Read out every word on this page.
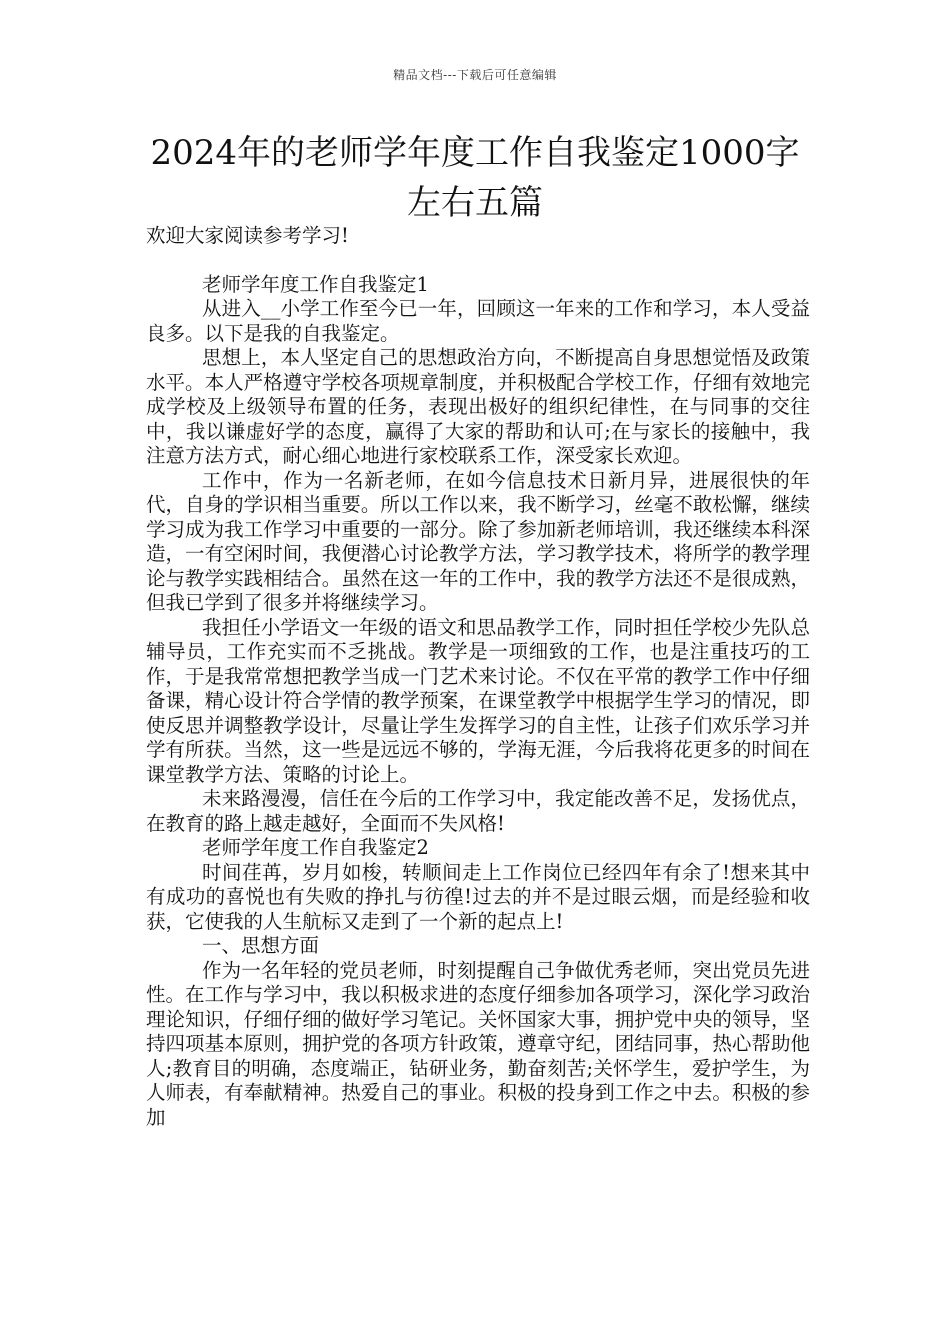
精品文档---下载后可任意编辑
2024年的老师学年度工作自我鉴定1000字左右五篇

欢迎大家阅读参考学习!

老师学年度工作自我鉴定1

从进入__小学工作至今已一年，回顾这一年来的工作和学习，本人受益良多。以下是我的自我鉴定。

思想上，本人坚定自己的思想政治方向，不断提高自身思想觉悟及政策水平。本人严格遵守学校各项规章制度，并积极配合学校工作，仔细有效地完成学校及上级领导布置的任务，表现出极好的组织纪律性，在与同事的交往中，我以谦虚好学的态度，赢得了大家的帮助和认可;在与家长的接触中，我注意方法方式，耐心细心地进行家校联系工作，深受家长欢迎。

工作中，作为一名新老师，在如今信息技术日新月异，进展很快的年代，自身的学识相当重要。所以工作以来，我不断学习，丝毫不敢松懈，继续学习成为我工作学习中重要的一部分。除了参加新老师培训，我还继续本科深造，一有空闲时间，我便潜心讨论教学方法，学习教学技术，将所学的教学理论与教学实践相结合。虽然在这一年的工作中，我的教学方法还不是很成熟，但我已学到了很多并将继续学习。

我担任小学语文一年级的语文和思品教学工作，同时担任学校少先队总辅导员，工作充实而不乏挑战。教学是一项细致的工作，也是注重技巧的工作，于是我常常想把教学当成一门艺术来讨论。不仅在平常的教学工作中仔细备课，精心设计符合学情的教学预案，在课堂教学中根据学生学习的情况，即使反思并调整教学设计，尽量让学生发挥学习的自主性，让孩子们欢乐学习并学有所获。当然，这一些是远远不够的，学海无涯，今后我将花更多的时间在课堂教学方法、策略的讨论上。

未来路漫漫，信任在今后的工作学习中，我定能改善不足，发扬优点，在教育的路上越走越好，全面而不失风格!

老师学年度工作自我鉴定2

时间荏苒，岁月如梭，转顺间走上工作岗位已经四年有余了!想来其中有成功的喜悦也有失败的挣扎与彷徨!过去的并不是过眼云烟，而是经验和收获，它使我的人生航标又走到了一个新的起点上!

一、思想方面

作为一名年轻的党员老师，时刻提醒自己争做优秀老师，突出党员先进性。在工作与学习中，我以积极求进的态度仔细参加各项学习，深化学习政治理论知识，仔细仔细的做好学习笔记。关怀国家大事，拥护党中央的领导，坚持四项基本原则，拥护党的各项方针政策，遵章守纪，团结同事，热心帮助他人;教育目的明确，态度端正，钻研业务，勤奋刻苦;关怀学生，爱护学生，为人师表，有奉献精神。热爱自己的事业。积极的投身到工作之中去。积极的参加
